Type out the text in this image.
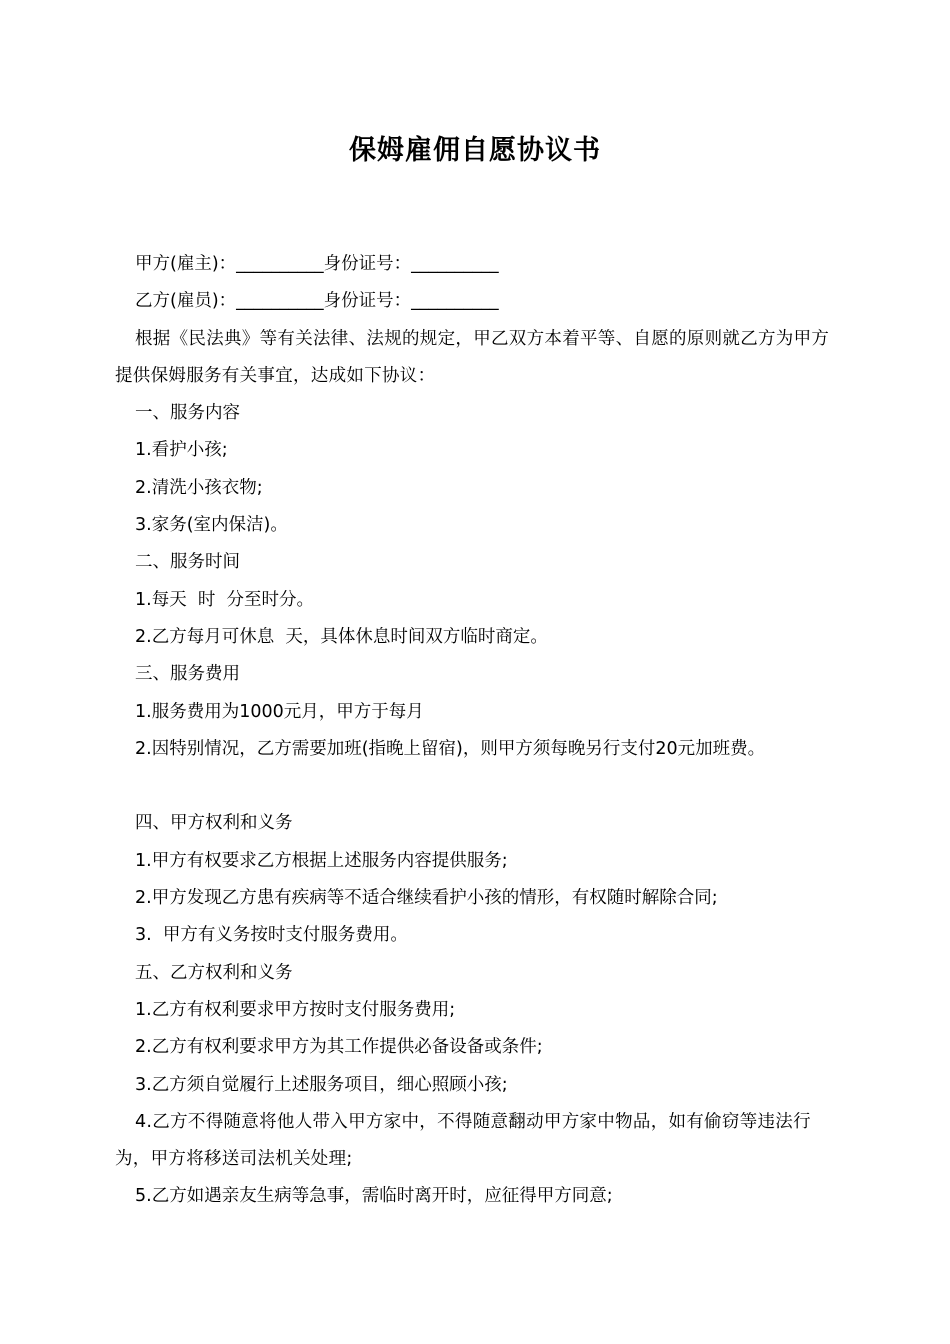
保姆雇佣自愿协议书
甲方(雇主)：__________身份证号：__________
乙方(雇员)：__________身份证号：__________
根据《民法典》等有关法律、法规的规定，甲乙双方本着平等、自愿的原则就乙方为甲方提供保姆服务有关事宜，达成如下协议：
一、服务内容
1.看护小孩;
2.清洗小孩衣物;
3.家务(室内保洁)。
二、服务时间
1.每天  时  分至时分。
2.乙方每月可休息  天，具体休息时间双方临时商定。
三、服务费用
1.服务费用为1000元月，甲方于每月
2.因特别情况，乙方需要加班(指晚上留宿)，则甲方须每晚另行支付20元加班费。
四、甲方权利和义务
1.甲方有权要求乙方根据上述服务内容提供服务;
2.甲方发现乙方患有疾病等不适合继续看护小孩的情形，有权随时解除合同;
3.  甲方有义务按时支付服务费用。
五、乙方权利和义务
1.乙方有权利要求甲方按时支付服务费用;
2.乙方有权利要求甲方为其工作提供必备设备或条件;
3.乙方须自觉履行上述服务项目，细心照顾小孩;
4.乙方不得随意将他人带入甲方家中，不得随意翻动甲方家中物品，如有偷窃等违法行为，甲方将移送司法机关处理;
5.乙方如遇亲友生病等急事，需临时离开时，应征得甲方同意;
